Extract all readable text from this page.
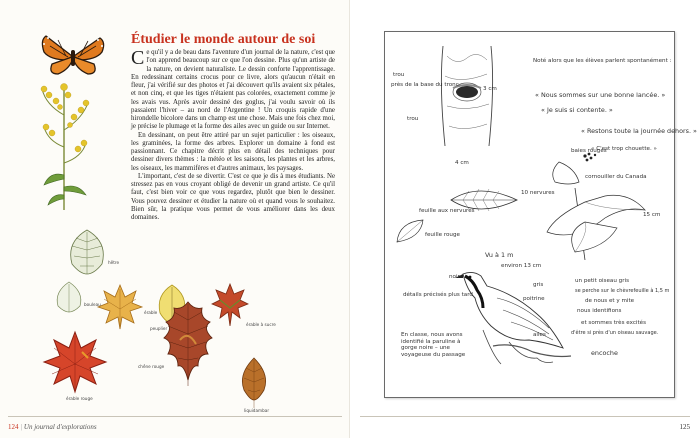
Étudier le monde autour de soi

Ce qu'il y a de beau dans l'aventure d'un journal de la nature, c'est que l'on apprend beaucoup sur ce que l'on dessine. Plus qu'un artiste de la nature, on devient naturaliste. Le dessin conforte l'apprentissage. En redessinant certains crocus pour ce livre, alors qu'aucun n'était en fleur, j'ai vérifié sur des photos et j'ai découvert qu'ils avaient six pétales, et non cinq, et que les tiges n'étaient pas colorées, exactement comme je les avais vus. Après avoir dessiné des goglus, j'ai voulu savoir où ils passaient l'hiver – au nord de l'Argentine ! Un croquis rapide d'une hirondelle bicolore dans un champ est une chose. Mais une fois chez moi, je précise le plumage et la forme des ailes avec un guide ou sur Internet.

En dessinant, on peut être attiré par un sujet particulier : les oiseaux, les graminées, la forme des arbres. Explorer un domaine à fond est passionnant. Ce chapitre décrit plus en détail des techniques pour dessiner divers thèmes : la météo et les saisons, les plantes et les arbres, les oiseaux, les mammifères et d'autres animaux, les paysages.

L'important, c'est de se divertir. C'est ce que je dis à mes étudiants. Ne stressez pas en vous croyant obligé de devenir un grand artiste. Ce qu'il faut, c'est bien voir ce que vous regardez, plutôt que bien le dessiner. Vous pouvez dessiner et étudier la nature où et quand vous le souhaitez. Bien sûr, la pratique vous permet de vous améliorer dans les deux domaines.

hêtre
bouleau
érable
peuplier
érable à sucre
érable rouge
chêne rouge
liquidambar
124 | Un journal d'explorations	125
trou
près de la base du tronc
3 cm
trou
Noté alors que les élèves parlent spontanément :
« Nous sommes sur une bonne lancée. »
« Je suis si contente. »
« Restons toute la journée dehors. »
« C'est trop chouette. »
4 cm
feuille aux nervures
10 nervures
feuille rouge
baies rouges
cornouiller du Canada
15 cm
Vu à 1 m
environ 13 cm
noir
gris
poitrine
détails précisés plus tard
ailes
un petit oiseau gris
se perche sur le chèvrefeuille à 1,5 m
de nous et y mite
nous identifions
et sommes très excités
d'être si près d'un oiseau sauvage.
En classe, nous avons identifié la paruline à gorge noire – une voyageuse du passage	encoche
